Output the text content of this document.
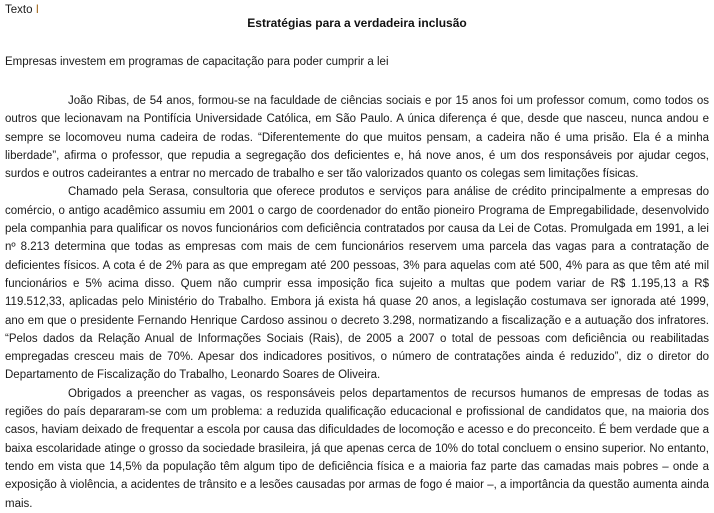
Texto I
Estratégias para a verdadeira inclusão
Empresas investem em programas de capacitação para poder cumprir a lei

João Ribas, de 54 anos, formou-se na faculdade de ciências sociais e por 15 anos foi um professor comum, como todos os outros que lecionavam na Pontifícia Universidade Católica, em São Paulo. A única diferença é que, desde que nasceu, nunca andou e sempre se locomoveu numa cadeira de rodas. “Diferentemente do que muitos pensam, a cadeira não é uma prisão. Ela é a minha liberdade”, afirma o professor, que repudia a segregação dos deficientes e, há nove anos, é um dos responsáveis por ajudar cegos, surdos e outros cadeirantes a entrar no mercado de trabalho e ser tão valorizados quanto os colegas sem limitações físicas.

Chamado pela Serasa, consultoria que oferece produtos e serviços para análise de crédito principalmente a empresas do comércio, o antigo acadêmico assumiu em 2001 o cargo de coordenador do então pioneiro Programa de Empregabilidade, desenvolvido pela companhia para qualificar os novos funcionários com deficiência contratados por causa da Lei de Cotas. Promulgada em 1991, a lei nº 8.213 determina que todas as empresas com mais de cem funcionários reservem uma parcela das vagas para a contratação de deficientes físicos. A cota é de 2% para as que empregam até 200 pessoas, 3% para aquelas com até 500, 4% para as que têm até mil funcionários e 5% acima disso. Quem não cumprir essa imposição fica sujeito a multas que podem variar de R$ 1.195,13 a R$ 119.512,33, aplicadas pelo Ministério do Trabalho. Embora já exista há quase 20 anos, a legislação costumava ser ignorada até 1999, ano em que o presidente Fernando Henrique Cardoso assinou o decreto 3.298, normatizando a fiscalização e a autuação dos infratores. “Pelos dados da Relação Anual de Informações Sociais (Rais), de 2005 a 2007 o total de pessoas com deficiência ou reabilitadas empregadas cresceu mais de 70%. Apesar dos indicadores positivos, o número de contratações ainda é reduzido”, diz o diretor do Departamento de Fiscalização do Trabalho, Leonardo Soares de Oliveira.

Obrigados a preencher as vagas, os responsáveis pelos departamentos de recursos humanos de empresas de todas as regiões do país depararam-se com um problema: a reduzida qualificação educacional e profissional de candidatos que, na maioria dos casos, haviam deixado de frequentar a escola por causa das dificuldades de locomoção e acesso e do preconceito. É bem verdade que a baixa escolaridade atinge o grosso da sociedade brasileira, já que apenas cerca de 10% do total concluem o ensino superior. No entanto, tendo em vista que 14,5% da população têm algum tipo de deficiência física e a maioria faz parte das camadas mais pobres – onde a exposição à violência, a acidentes de trânsito e a lesões causadas por armas de fogo é maior –, a importância da questão aumenta ainda mais.
